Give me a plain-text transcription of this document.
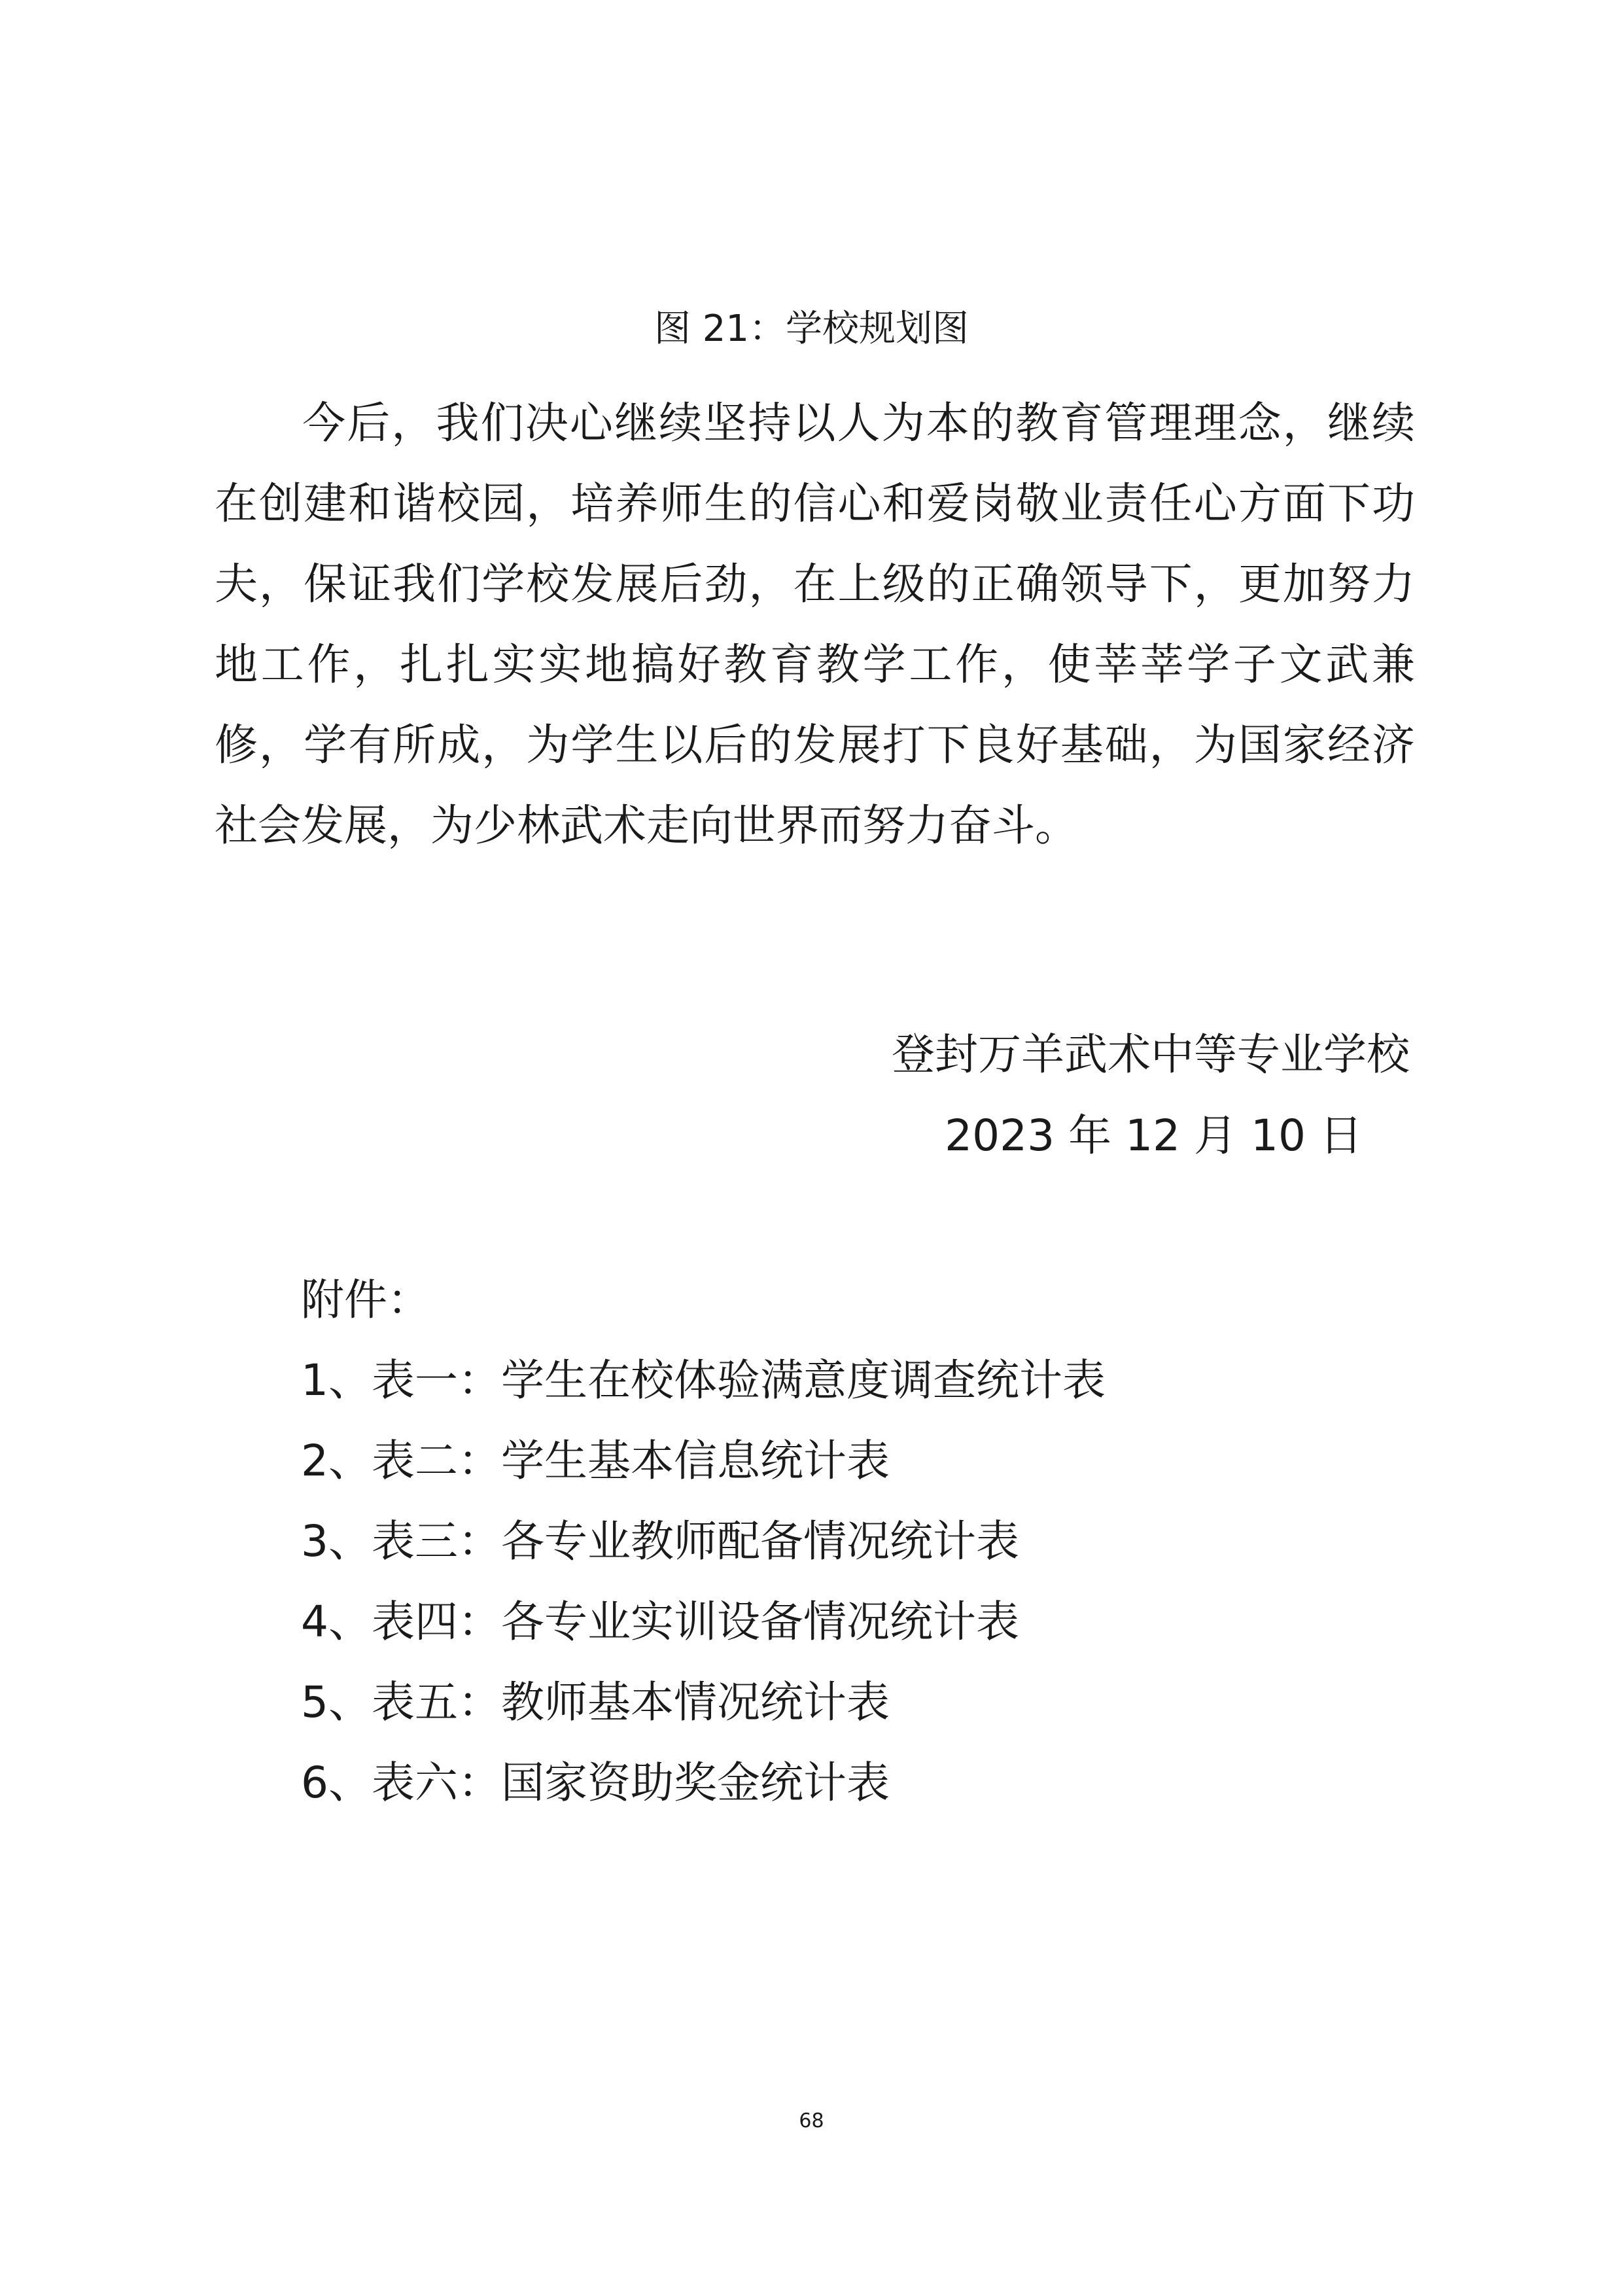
图 21：学校规划图

今后，我们决心继续坚持以人为本的教育管理理念，继续在创建和谐校园，培养师生的信心和爱岗敬业责任心方面下功夫，保证我们学校发展后劲，在上级的正确领导下，更加努力地工作，扎扎实实地搞好教育教学工作，使莘莘学子文武兼修，学有所成，为学生以后的发展打下良好基础，为国家经济社会发展，为少林武术走向世界而努力奋斗。

登封万羊武术中等专业学校
2023 年 12 月 10 日
附件：
1、表一：学生在校体验满意度调查统计表
2、表二：学生基本信息统计表
3、表三：各专业教师配备情况统计表
4、表四：各专业实训设备情况统计表
5、表五：教师基本情况统计表
6、表六：国家资助奖金统计表
68
